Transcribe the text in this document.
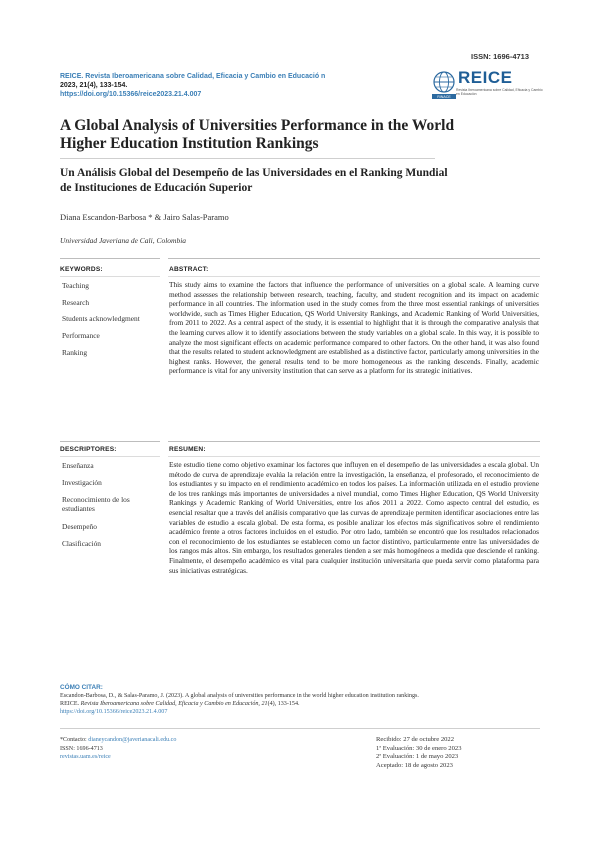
ISSN: 1696-4713
REICE. Revista Iberoamericana sobre Calidad, Eficacia y Cambio en Educació n
2023, 21(4), 133-154.
https://doi.org/10.15366/reice2023.21.4.007	RINACE
REICE
Revista Iberoamericana sobre Calidad, Eficacia y Cambio en Educación
A Global Analysis of Universities Performance in the World Higher Education Institution Rankings
Un Análisis Global del Desempeño de las Universidades en el Ranking Mundial de Instituciones de Educación Superior
Diana Escandon-Barbosa * & Jairo Salas-Paramo
Universidad Javeriana de Cali, Colombia
KEYWORDS:	ABSTRACT:
Teaching
Research
Students acknowledgment
Performance
Ranking
This study aims to examine the factors that influence the performance of universities on a global scale. A learning curve method assesses the relationship between research, teaching, faculty, and student recognition and its impact on academic performance in all countries. The information used in the study comes from the three most essential rankings of universities worldwide, such as Times Higher Education, QS World University Rankings, and Academic Ranking of World Universities, from 2011 to 2022. As a central aspect of the study, it is essential to highlight that it is through the comparative analysis that the learning curves allow it to identify associations between the study variables on a global scale. In this way, it is possible to analyze the most significant effects on academic performance compared to other factors. On the other hand, it was also found that the results related to student acknowledgment are established as a distinctive factor, particularly among universities in the highest ranks. However, the general results tend to be more homogeneous as the ranking descends. Finally, academic performance is vital for any university institution that can serve as a platform for its strategic initiatives.
DESCRIPTORES:	RESUMEN:
Enseñanza
Investigación
Reconocimiento de los estudiantes
Desempeño
Clasificación
Este estudio tiene como objetivo examinar los factores que influyen en el desempeño de las universidades a escala global. Un método de curva de aprendizaje evalúa la relación entre la investigación, la enseñanza, el profesorado, el reconocimiento de los estudiantes y su impacto en el rendimiento académico en todos los países. La información utilizada en el estudio proviene de los tres rankings más importantes de universidades a nivel mundial, como Times Higher Education, QS World University Rankings y Academic Ranking of World Universities, entre los años 2011 a 2022. Como aspecto central del estudio, es esencial resaltar que a través del análisis comparativo que las curvas de aprendizaje permiten identificar asociaciones entre las variables de estudio a escala global. De esta forma, es posible analizar los efectos más significativos sobre el rendimiento académico frente a otros factores incluidos en el estudio. Por otro lado, también se encontró que los resultados relacionados con el reconocimiento de los estudiantes se establecen como un factor distintivo, particularmente entre las universidades de los rangos más altos. Sin embargo, los resultados generales tienden a ser más homogéneos a medida que desciende el ranking. Finalmente, el desempeño académico es vital para cualquier institución universitaria que pueda servir como plataforma para sus iniciativas estratégicas.
CÓMO CITAR:
Escandon-Barbosa, D., & Salas-Paramo, J. (2023). A global analysis of universities performance in the world higher education institution rankings.
REICE. Revista Iberoamericana sobre Calidad, Eficacia y Cambio en Educación, 21(4), 133-154.
https://doi.org/10.15366/reice2023.21.4.007
*Contacto: dianeycandon@javerianacali.edu.co
ISSN: 1696-4713
revistas.uam.es/reice
Recibido: 27 de octubre 2022
1ª Evaluación: 30 de enero 2023
2ª Evaluación: 1 de mayo 2023
Aceptado: 18 de agosto 2023
